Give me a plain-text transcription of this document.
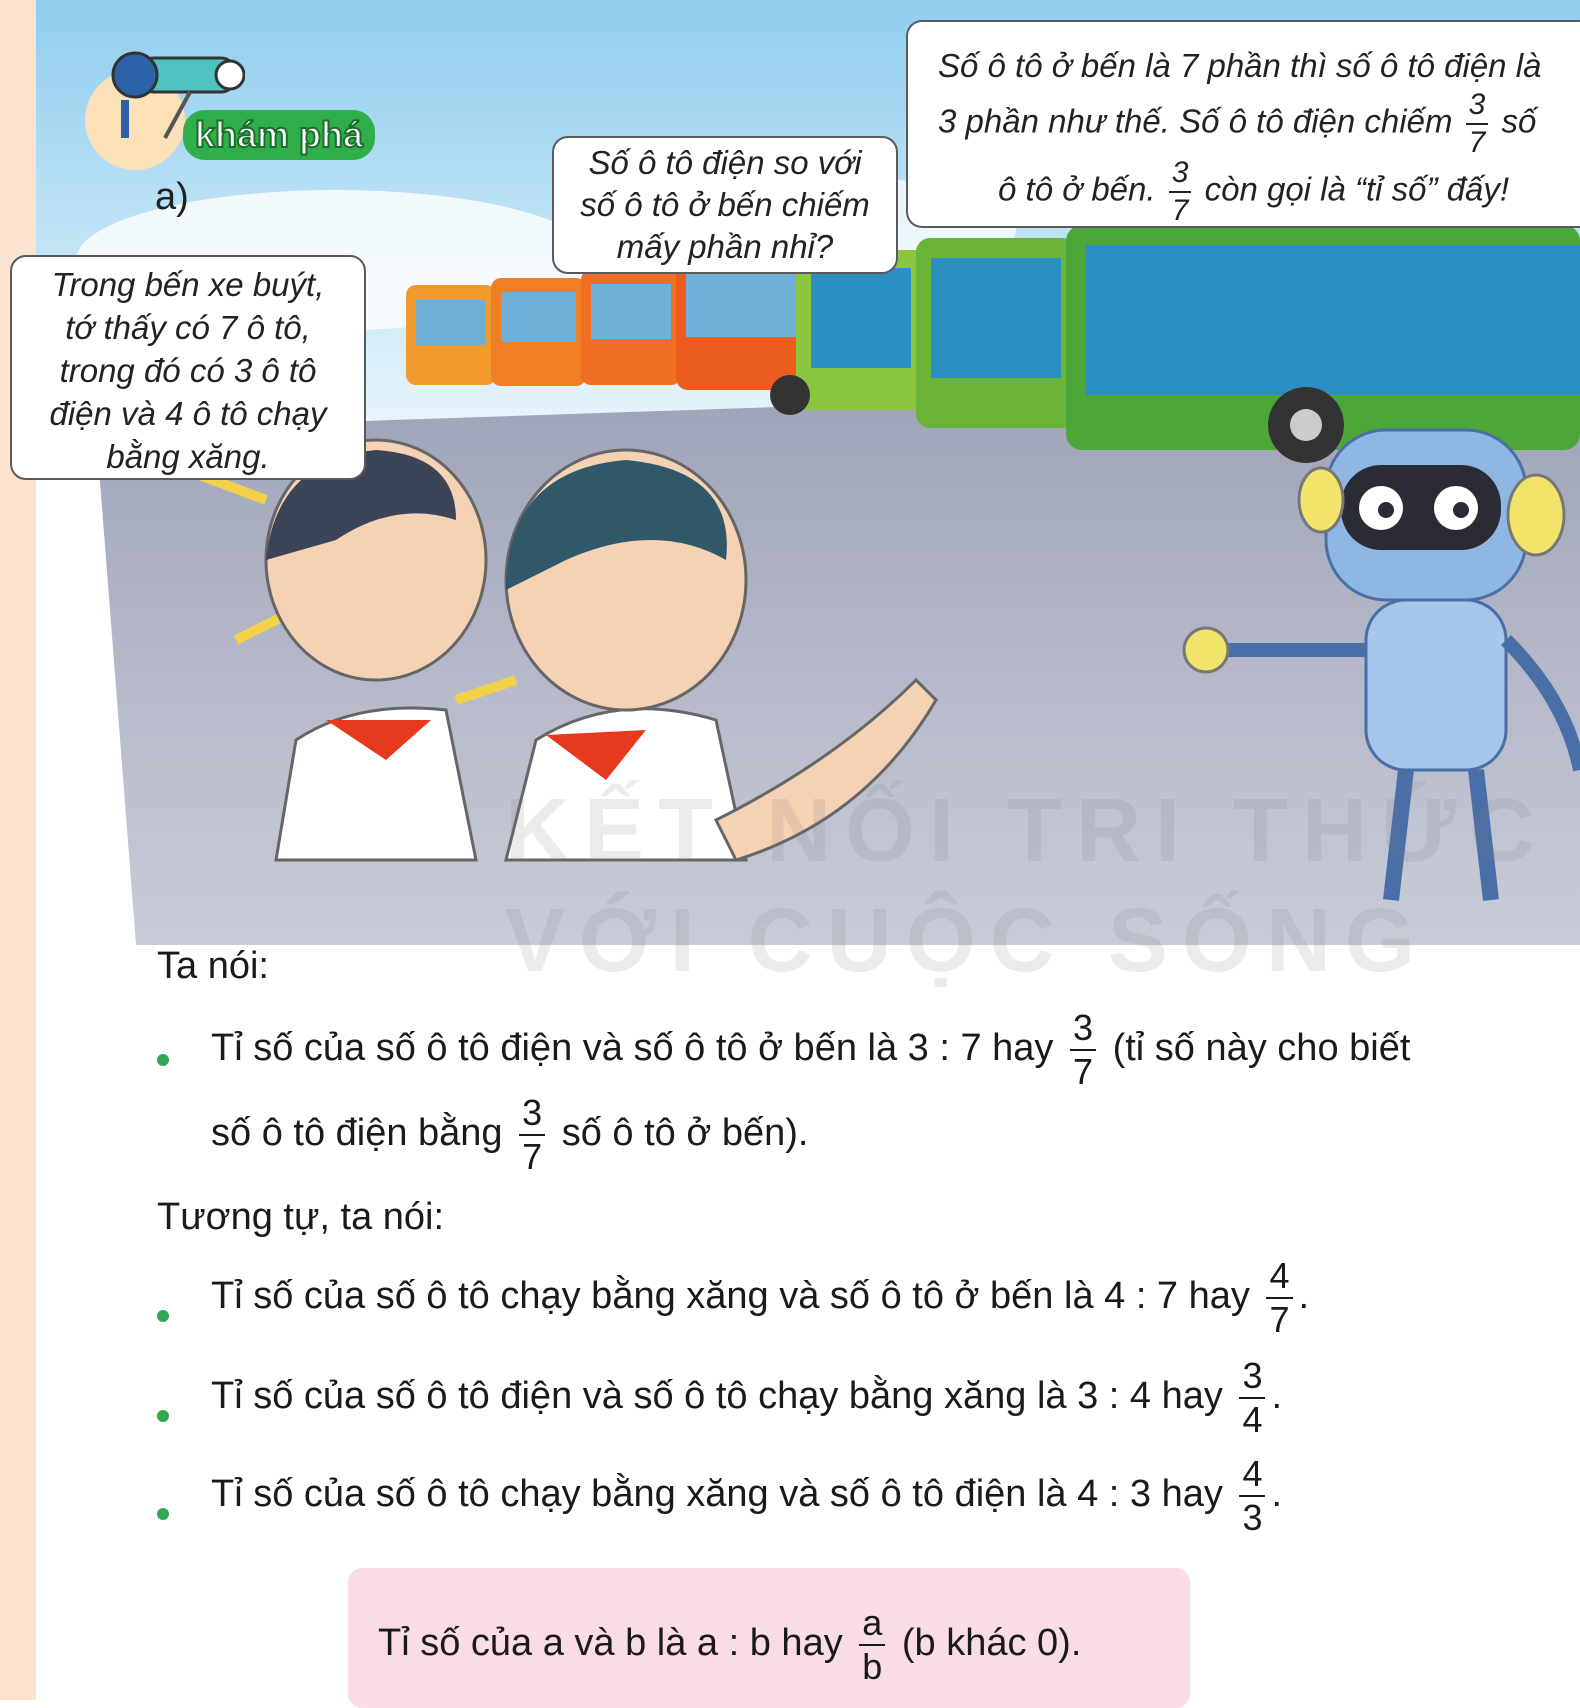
KẾT NỐI TRI THỨC
VỚI CUỘC SỐNG
khám phá
a)
Trong bến xe buýt,
tớ thấy có 7 ô tô,
trong đó có 3 ô tô
điện và 4 ô tô chạy
bằng xăng.
Số ô tô điện so với
số ô tô ở bến chiếm
mấy phần nhỉ?
Số ô tô ở bến là 7 phần thì số ô tô điện là
3 phần như thế. Số ô tô điện chiếm $\frac{3}{7}$ số
ô tô ở bến. $\frac{3}{7}$ còn gọi là “tỉ số” đấy!
Ta nói:
Tỉ số của số ô tô điện và số ô tô ở bến là 3 : 7 hay $\frac{3}{7}$ (tỉ số này cho biết
số ô tô điện bằng $\frac{3}{7}$ số ô tô ở bến).
Tương tự, ta nói:
Tỉ số của số ô tô chạy bằng xăng và số ô tô ở bến là 4 : 7 hay $\frac{4}{7}$ .
Tỉ số của số ô tô điện và số ô tô chạy bằng xăng là 3 : 4 hay $\frac{3}{4}$ .
Tỉ số của số ô tô chạy bằng xăng và số ô tô điện là 4 : 3 hay $\frac{4}{3}$ .
Tỉ số của a và b là a : b hay $\frac{a}{b} (b$ khác 0).
